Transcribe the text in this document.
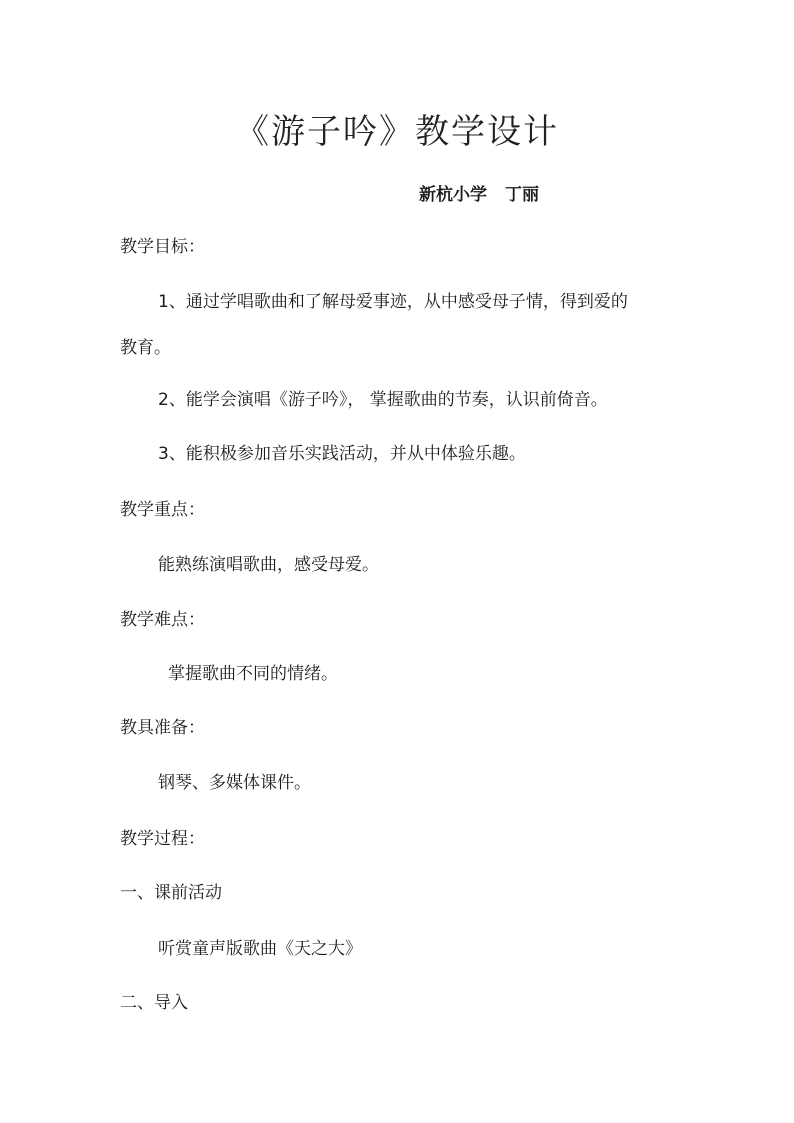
《游子吟》教学设计
新杭小学 丁丽
教学目标：
1、通过学唱歌曲和了解母爱事迹，从中感受母子情，得到爱的
教育。
2、能学会演唱《游子吟》， 掌握歌曲的节奏，认识前倚音。
3、能积极参加音乐实践活动，并从中体验乐趣。
教学重点：
能熟练演唱歌曲，感受母爱。
教学难点：
掌握歌曲不同的情绪。
教具准备：
钢琴、多媒体课件。
教学过程：
一、课前活动
听赏童声版歌曲《天之大》
二、导入
